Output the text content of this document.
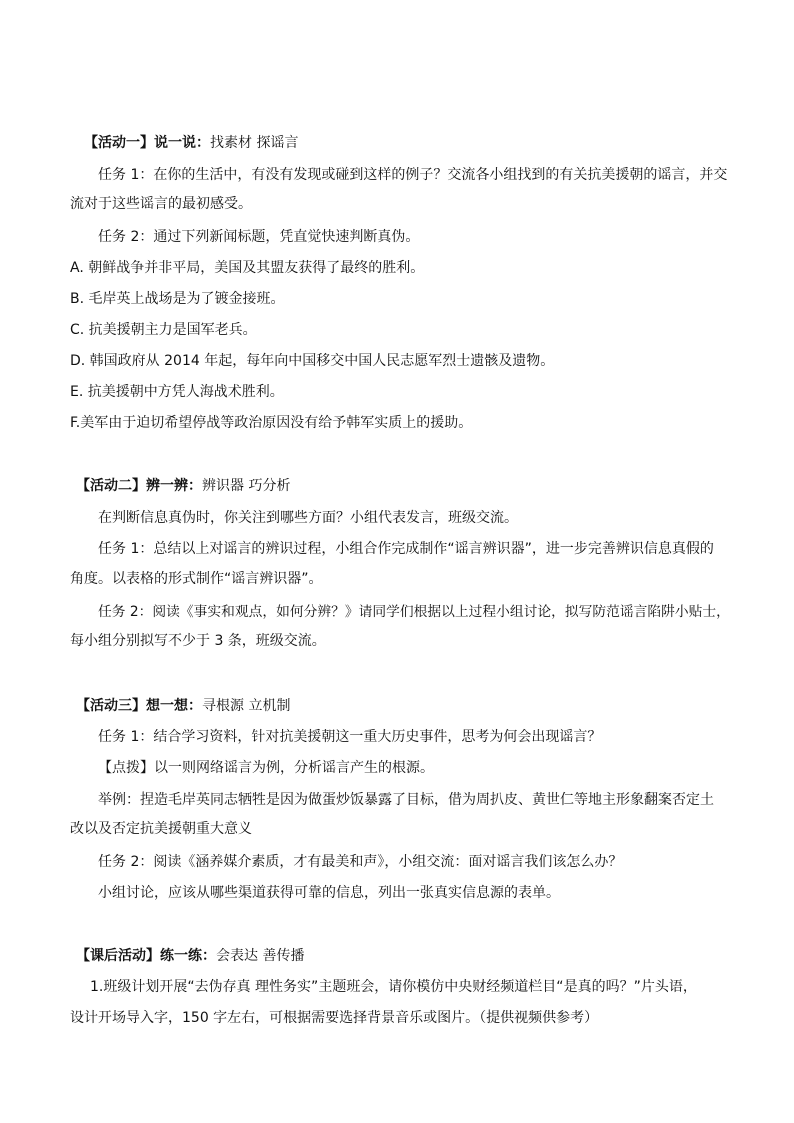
【活动一】说一说：找素材 探谣言
任务 1：在你的生活中，有没有发现或碰到这样的例子？交流各小组找到的有关抗美援朝的谣言，并交
流对于这些谣言的最初感受。
任务 2：通过下列新闻标题，凭直觉快速判断真伪。
A. 朝鲜战争并非平局，美国及其盟友获得了最终的胜利。
B. 毛岸英上战场是为了镀金接班。
C. 抗美援朝主力是国军老兵。
D. 韩国政府从 2014 年起，每年向中国移交中国人民志愿军烈士遗骸及遗物。
E. 抗美援朝中方凭人海战术胜利。
F.美军由于迫切希望停战等政治原因没有给予韩军实质上的援助。
【活动二】辨一辨：辨识器 巧分析
在判断信息真伪时，你关注到哪些方面？小组代表发言，班级交流。
任务 1：总结以上对谣言的辨识过程，小组合作完成制作“谣言辨识器”，进一步完善辨识信息真假的
角度。以表格的形式制作“谣言辨识器”。
任务 2：阅读《事实和观点，如何分辨？》请同学们根据以上过程小组讨论，拟写防范谣言陷阱小贴士，
每小组分别拟写不少于 3 条，班级交流。
【活动三】想一想：寻根源 立机制
任务 1：结合学习资料，针对抗美援朝这一重大历史事件，思考为何会出现谣言？
【点拨】以一则网络谣言为例，分析谣言产生的根源。
举例：捏造毛岸英同志牺牲是因为做蛋炒饭暴露了目标，借为周扒皮、黄世仁等地主形象翻案否定土
改以及否定抗美援朝重大意义
任务 2：阅读《涵养媒介素质，才有最美和声》，小组交流：面对谣言我们该怎么办？
小组讨论，应该从哪些渠道获得可靠的信息，列出一张真实信息源的表单。
【课后活动】练一练：会表达 善传播
1.班级计划开展“去伪存真 理性务实”主题班会，请你模仿中央财经频道栏目“是真的吗？”片头语，
设计开场导入字，150 字左右，可根据需要选择背景音乐或图片。（提供视频供参考）
